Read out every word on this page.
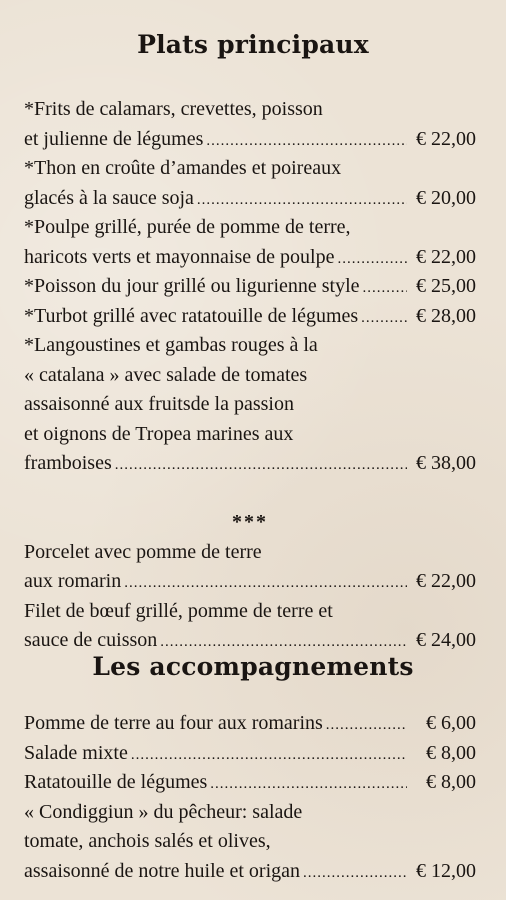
Plats principaux
*Frits de calamars, crevettes, poisson
et julienne de légumes .....	€ 22,00
*Thon en croûte d’amandes et poireaux
glacés à la sauce soja .....	€ 20,00
*Poulpe grillé, purée de pomme de terre,
haricots verts et mayonnaise de poulpe .....	€ 22,00
*Poisson du jour grillé ou ligurienne style .....	€ 25,00
*Turbot grillé avec ratatouille de légumes .....	€ 28,00
*Langoustines et gambas rouges à la
« catalana » avec salade de tomates
assaisonné aux fruitsde la passion
et oignons de Tropea marines aux
framboises .....	€ 38,00
***
Porcelet avec pomme de terre
aux romarin .....	€ 22,00
Filet de bœuf grillé, pomme de terre et
sauce de cuisson .....	€ 24,00
Les accompagnements
Pomme de terre au four aux romarins .....	€ 6,00
Salade mixte .....	€ 8,00
Ratatouille de légumes .....	€ 8,00
« Condiggiun » du pêcheur: salade
tomate, anchois salés et olives,
assaisonné de notre huile et origan .....	€ 12,00
